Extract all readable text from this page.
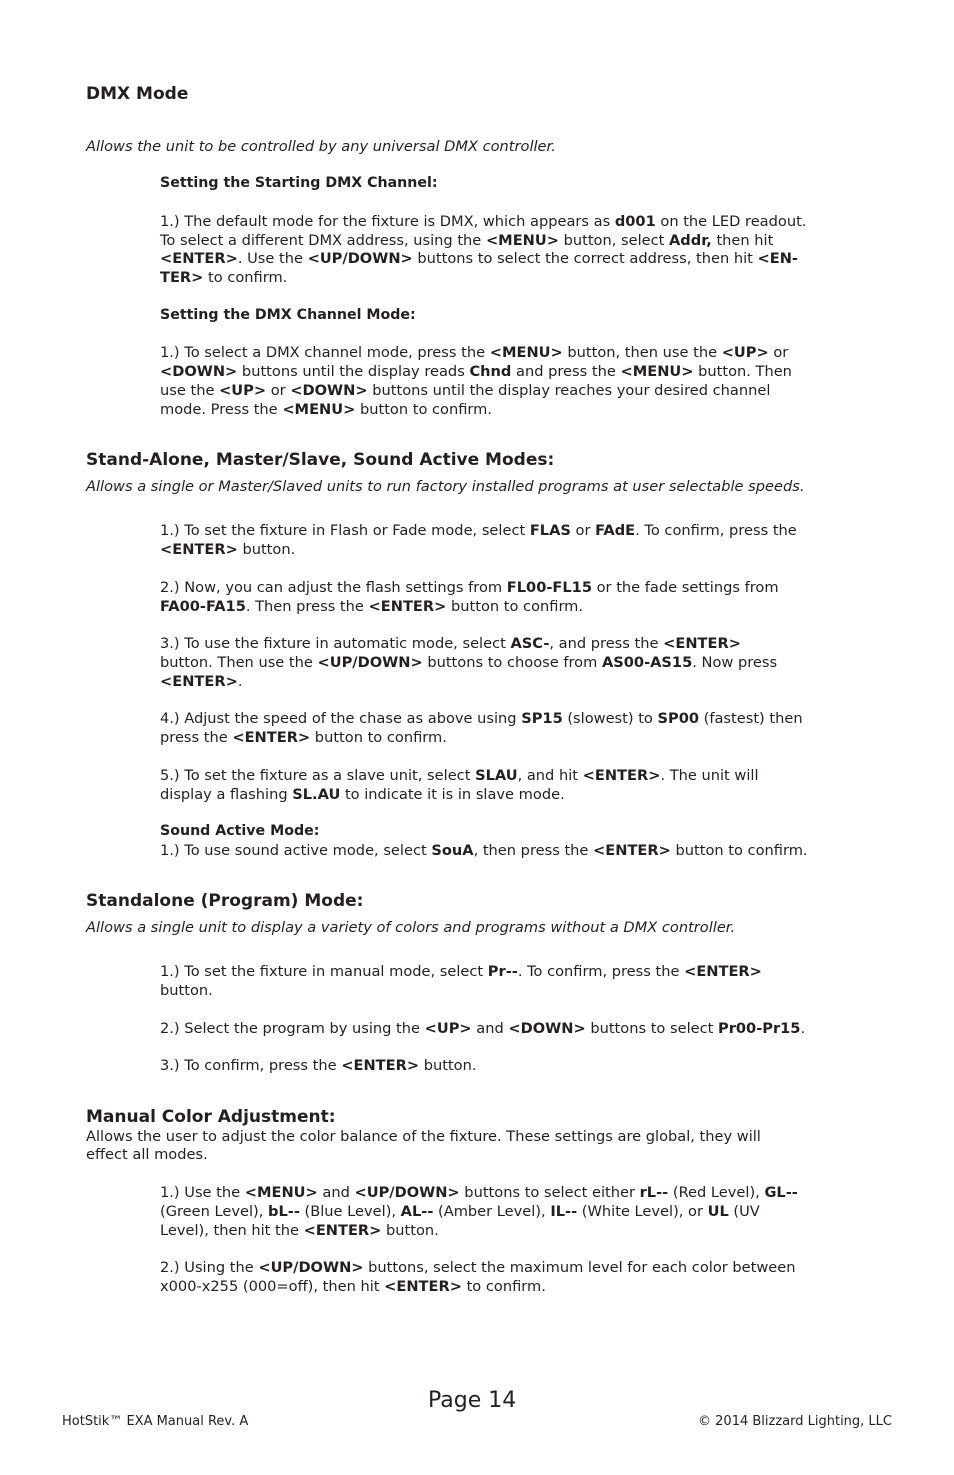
DMX Mode
Allows the unit to be controlled by any universal DMX controller.
Setting the Starting DMX Channel:
1.) The default mode for the fixture is DMX, which appears as d001 on the LED readout.
To select a different DMX address, using the <MENU> button, select Addr, then hit
<ENTER>. Use the <UP/DOWN> buttons to select the correct address, then hit <EN-
TER> to confirm.
Setting the DMX Channel Mode:
1.) To select a DMX channel mode, press the <MENU> button, then use the <UP> or
<DOWN> buttons until the display reads Chnd and press the <MENU> button. Then
use the <UP> or <DOWN> buttons until the display reaches your desired channel
mode. Press the <MENU> button to confirm.
Stand-Alone, Master/Slave, Sound Active Modes:
Allows a single or Master/Slaved units to run factory installed programs at user selectable speeds.
1.) To set the fixture in Flash or Fade mode, select FLAS or FAdE. To confirm, press the
<ENTER> button.
2.) Now, you can adjust the flash settings from FL00-FL15 or the fade settings from
FA00-FA15. Then press the <ENTER> button to confirm.
3.) To use the fixture in automatic mode, select ASC-, and press the <ENTER>
button. Then use the <UP/DOWN> buttons to choose from AS00-AS15. Now press
<ENTER>.
4.) Adjust the speed of the chase as above using SP15 (slowest) to SP00 (fastest) then
press the <ENTER> button to confirm.
5.) To set the fixture as a slave unit, select SLAU, and hit <ENTER>. The unit will
display a flashing SL.AU to indicate it is in slave mode.
Sound Active Mode:
1.) To use sound active mode, select SouA, then press the <ENTER> button to confirm.
Standalone (Program) Mode:
Allows a single unit to display a variety of colors and programs without a DMX controller.
1.) To set the fixture in manual mode, select Pr--. To confirm, press the <ENTER>
button.
2.) Select the program by using the <UP> and <DOWN> buttons to select Pr00-Pr15.
3.) To confirm, press the <ENTER> button.
Manual Color Adjustment:
Allows the user to adjust the color balance of the fixture. These settings are global, they will
effect all modes.
1.) Use the <MENU> and <UP/DOWN> buttons to select either rL-- (Red Level), GL--
(Green Level), bL-- (Blue Level), AL-- (Amber Level), IL-- (White Level), or UL (UV
Level), then hit the <ENTER> button.
2.) Using the <UP/DOWN> buttons, select the maximum level for each color between
x000-x255 (000=off), then hit <ENTER> to confirm.
Page 14
HotStik™ EXA Manual Rev. A	© 2014 Blizzard Lighting, LLC
